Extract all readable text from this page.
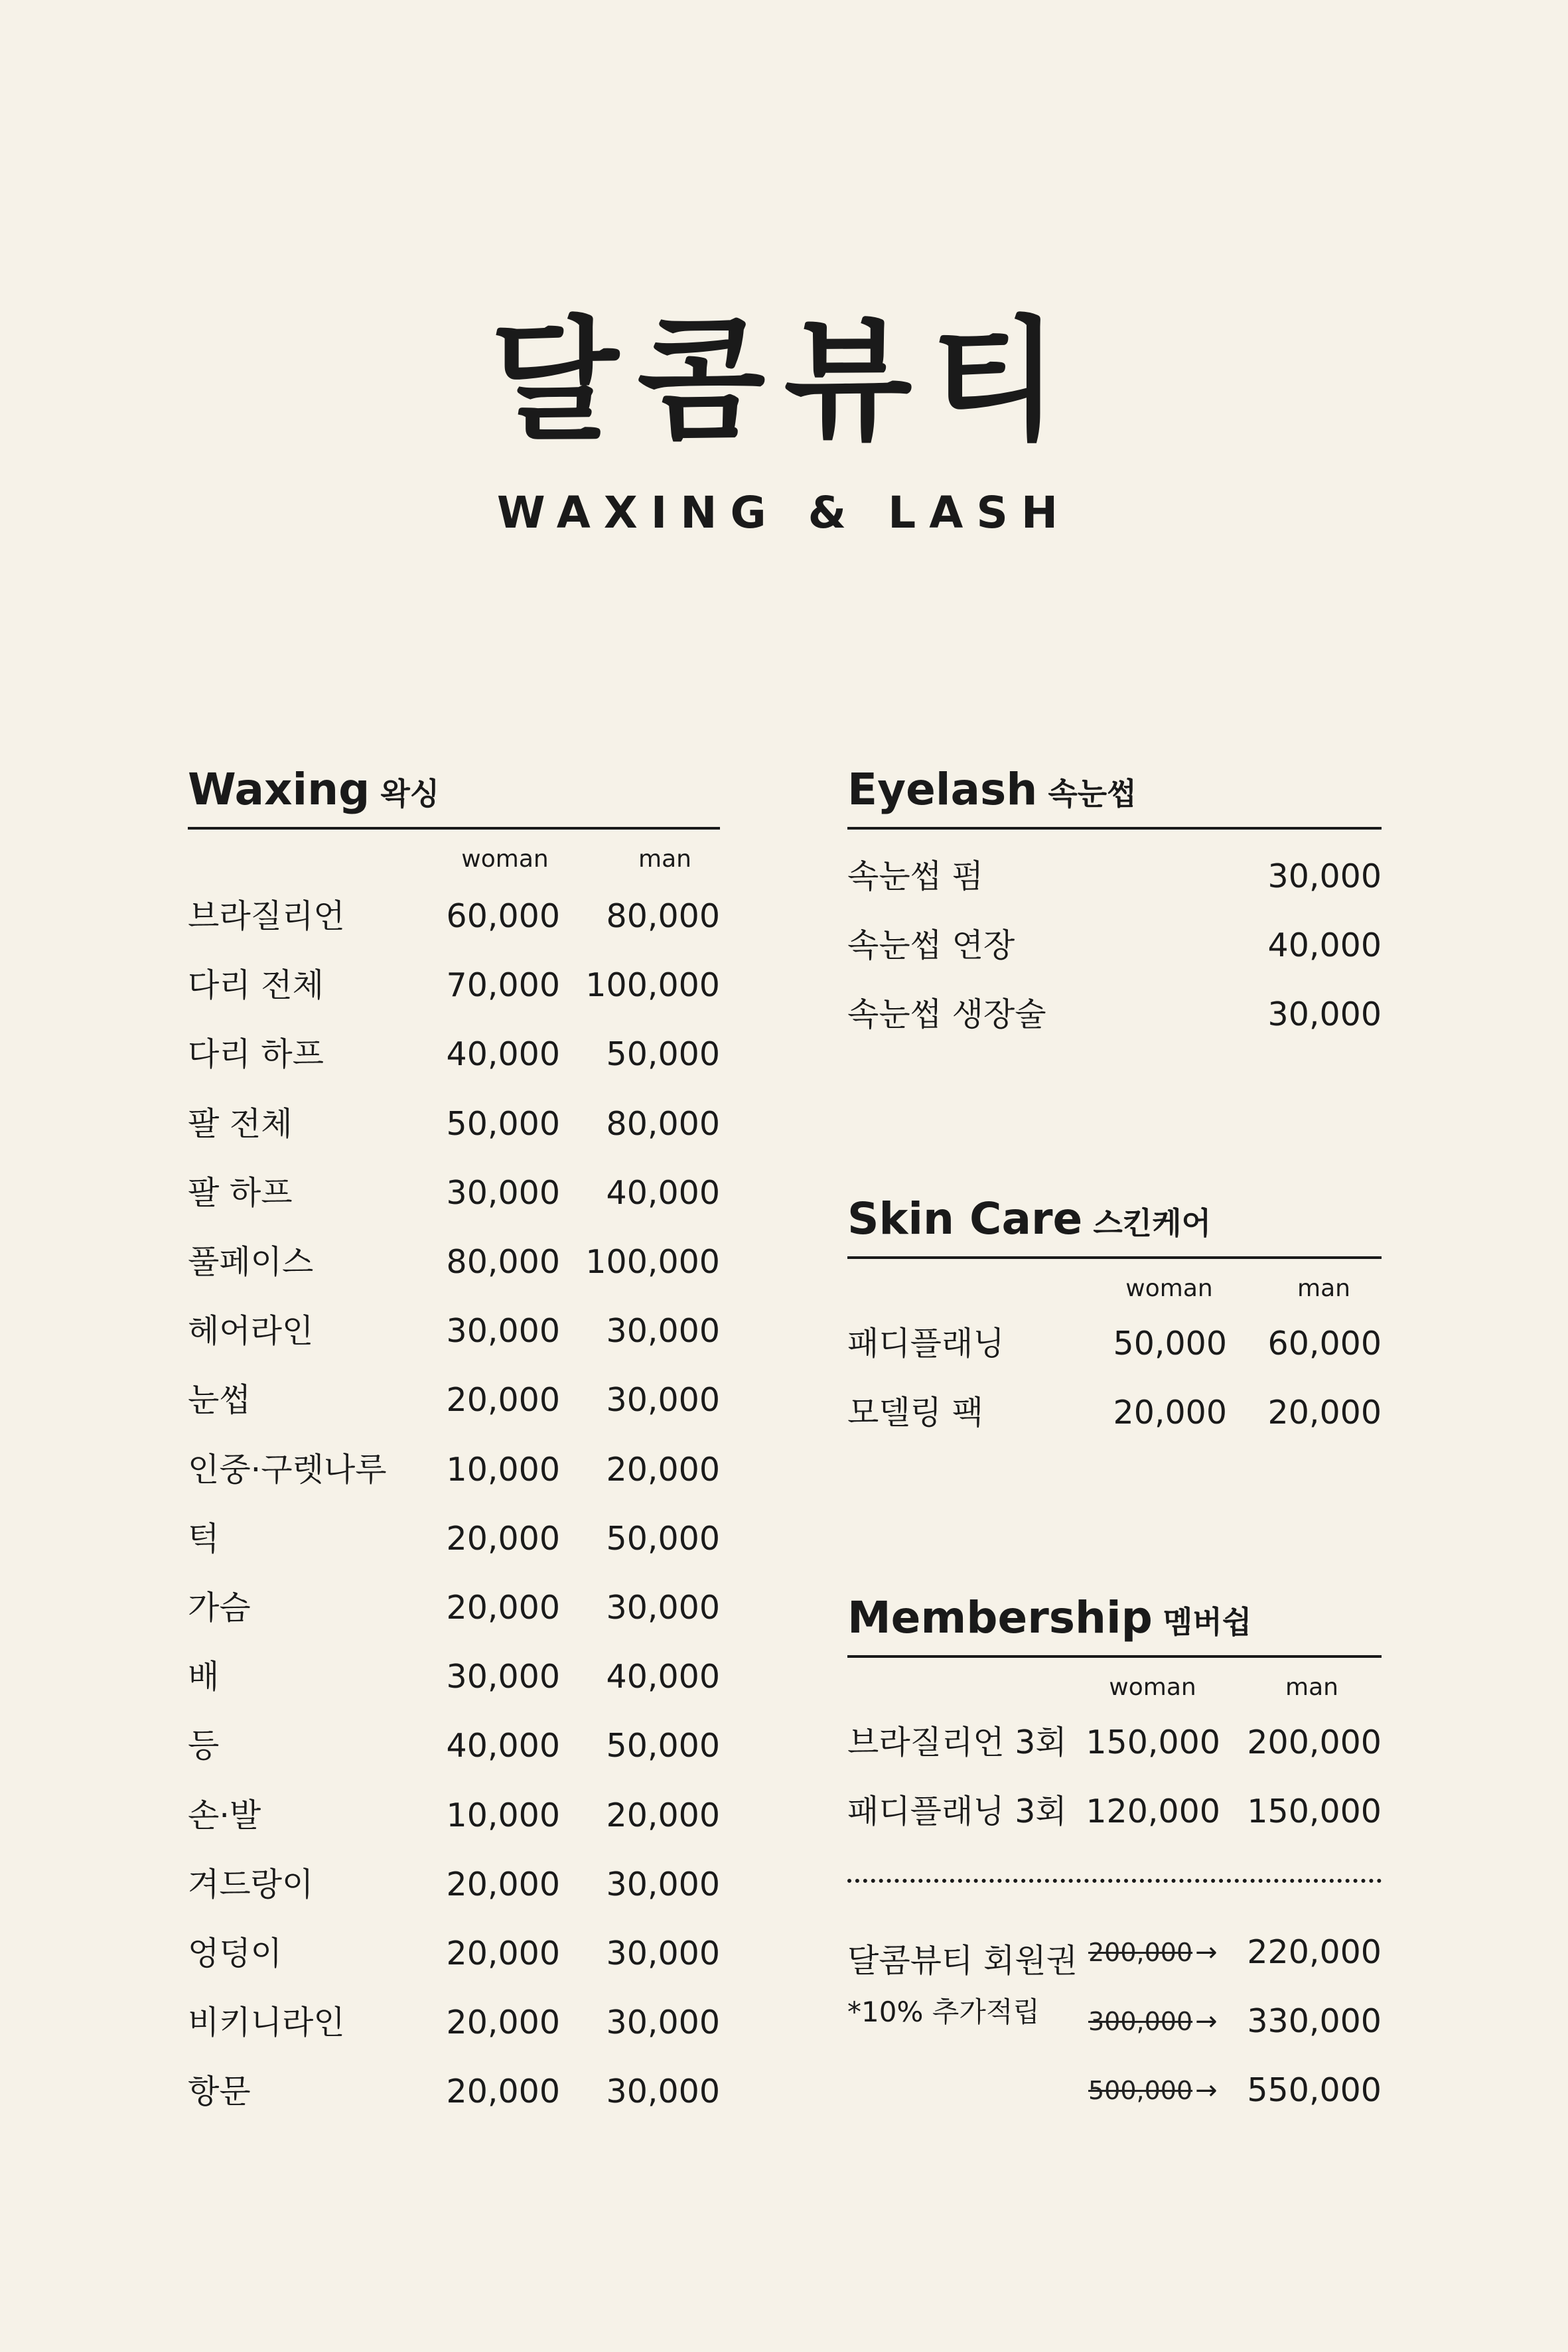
달콤뷰티
WAXING & LASH
Waxing 왁싱
woman	man
브라질리언	60,000 80,000
다리 전체	70,000 100,000
다리 하프	40,000 50,000
팔 전체	50,000 80,000
팔 하프	30,000 40,000
풀페이스	80,000 100,000
헤어라인	30,000 30,000
눈썹	20,000 30,000
인중·구렛나루 10,000 20,000
턱	20,000 50,000
가슴	20,000 30,000
배	30,000 40,000
등	40,000 50,000
손·발	10,000 20,000
겨드랑이	20,000 30,000
엉덩이	20,000 30,000
비키니라인	20,000 30,000
항문	20,000 30,000
Eyelash 속눈썹
속눈썹 펌	30,000
속눈썹 연장	40,000
속눈썹 생장술	30,000
Skin Care 스킨케어
woman	man
패디플래닝	50,000 60,000
모델링 팩	20,000 20,000
Membership 멤버쉽
woman	man
브라질리언 3회 150,000 200,000
패디플래닝 3회 120,000 150,000
달콤뷰티 회원권
*10% 추가적립
200,000 → 220,000
300,000 → 330,000
500,000 → 550,000
